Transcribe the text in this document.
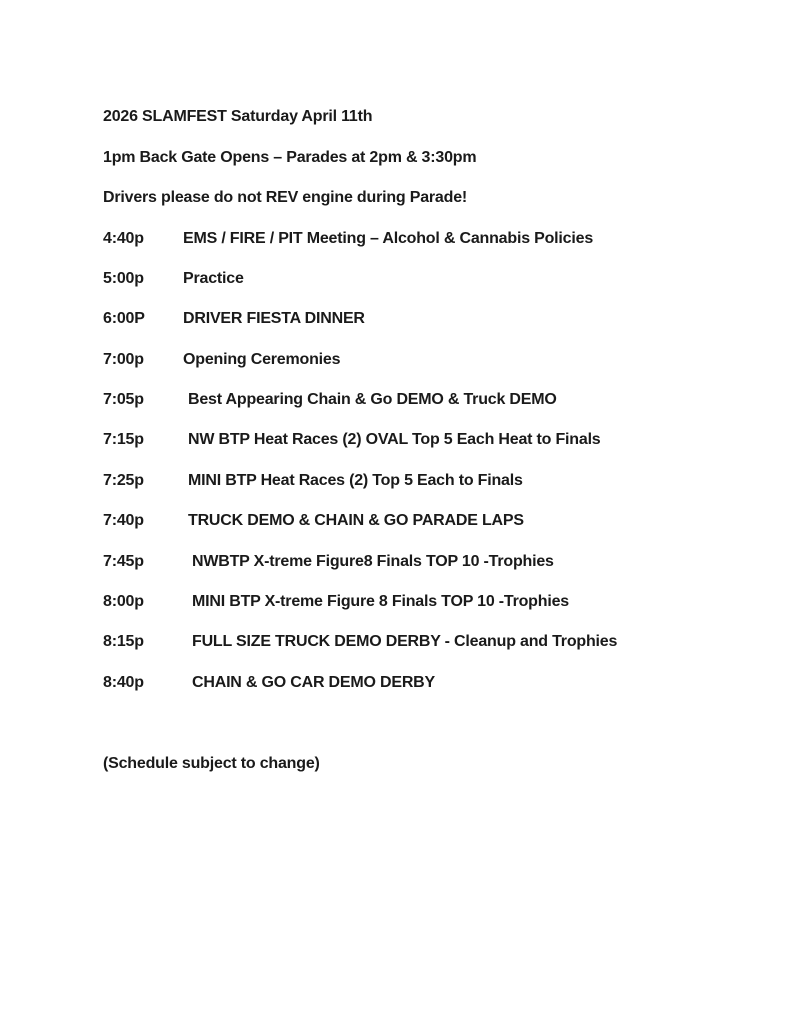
2026 SLAMFEST Saturday April 11th
1pm Back Gate Opens – Parades at 2pm & 3:30pm
Drivers please do not REV engine during Parade!
4:40p EMS / FIRE / PIT Meeting – Alcohol & Cannabis Policies
5:00p Practice
6:00P DRIVER FIESTA DINNER
7:00p Opening Ceremonies
7:05p	Best Appearing Chain & Go DEMO & Truck DEMO
7:15p	NW BTP Heat Races (2) OVAL Top 5 Each Heat to Finals
7:25p	MINI BTP Heat Races (2) Top 5 Each to Finals
7:40p	TRUCK DEMO & CHAIN & GO PARADE LAPS
7:45p	NWBTP X-treme Figure8 Finals TOP 10 -Trophies
8:00p	MINI BTP X-treme Figure 8 Finals TOP 10 -Trophies
8:15p	FULL SIZE TRUCK DEMO DERBY - Cleanup and Trophies
8:40p	CHAIN & GO CAR DEMO DERBY
(Schedule subject to change)
